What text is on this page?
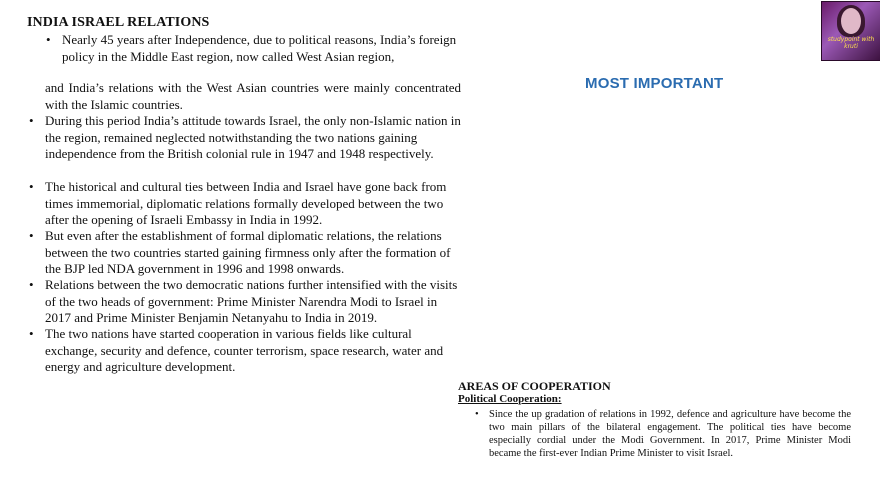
INDIA ISRAEL RELATIONS
• Nearly 45 years after Independence, due to political reasons, India’s foreign policy in the Middle East region, now called West Asian region,
and India’s relations with the West Asian countries were mainly concentrated with the Islamic countries.
• During this period India’s attitude towards Israel, the only non-Islamic nation in the region, remained neglected notwithstanding the two nations gaining independence from the British colonial rule in 1947 and 1948 respectively.
• The historical and cultural ties between India and Israel have gone back from times immemorial, diplomatic relations formally developed between the two after the opening of Israeli Embassy in India in 1992.
• But even after the establishment of formal diplomatic relations, the relations between the two countries started gaining firmness only after the formation of the BJP led NDA government in 1996 and 1998 onwards.
• Relations between the two democratic nations further intensified with the visits of the two heads of government: Prime Minister Narendra Modi to Israel in 2017 and Prime Minister Benjamin Netanyahu to India in 2019.
• The two nations have started cooperation in various fields like cultural exchange, security and defence, counter terrorism, space research, water and energy and agriculture development.
MOST IMPORTANT
studypoint with kruti
AREAS OF COOPERATION
Political Cooperation:
• Since the up gradation of relations in 1992, defence and agriculture have become the two main pillars of the bilateral engagement. The political ties have become especially cordial under the Modi Government. In 2017, Prime Minister Modi became the first-ever Indian Prime Minister to visit Israel.
